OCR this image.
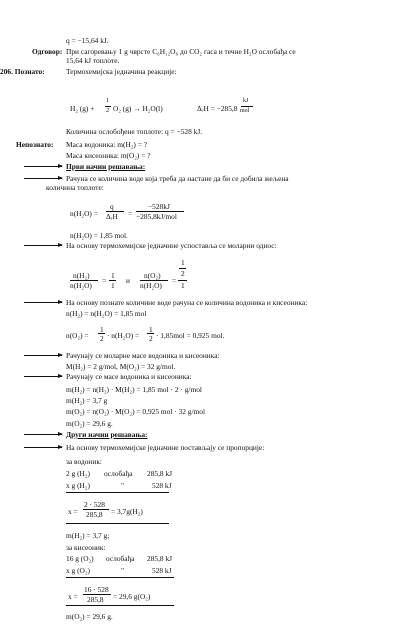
q = −15,64 kJ.
Одговор: При сагоревању 1 g чврсте C₆H₁₂O₆ до CO₂ гаса и течне H₂O ослобађа се
15,64 kJ топлоте.
206. Познато:	Термохемијска једначина реакције:
H₂ (g) +
1
2 O₂ (g) → H₂O(l)	ΔᵣH = −285,8
kJ
mol
Количина ослобођене топлоте: q = −528 kJ.
Непознато: Маса водоника: m(H₂) = ?
Маса кисеоника: m(O₂) = ?
Први начин решавања:
Рачуна се количина воде која треба да настане да би се добила жељена
количина топлоте:
n(H₂O) =
q
ΔᵣH =
−528kJ
−285,8kJ/mol
n(H₂O) = 1,85 mol.
На основу термохемијске једначине успоставља се моларни однос:
n(H₂)
n(H₂O)
=
1
1
и
n(O₂)
n(H₂O)
=
1
2
1
На основу познате количине воде рачуна се количина водоника и кисеоника:
n(H₂) = n(H₂O) = 1,85 mol
n(O₂) =
1
2 · n(H₂O) =
1
2 · 1,85mol = 0,925 mol.
Рачунају се моларне масе водоника и кисеоника:
M(H₂) = 2 g/mol, M(O₂) = 32 g/mol.
Рачунају се масе водоника и кисеоника:
m(H₂) = n(H₂) · M(H₂) = 1,85 mol · 2 · g/mol
m(H₂) = 3,7 g
m(O₂) = n(O₂) · M(O₂) = 0,925 mol · 32 g/mol
m(O₂) = 29,6 g.
Други начин решавања:
На основу термохемијске једначине постављају се пропорције:
за водоник:
2 g (H₂) ослобађа 285,8 kJ
x g (H₂)	"	528 kJ
x =
2 · 528
285,8 = 3,7g(H₂)
m(H₂) = 3,7 g;
за кисеоник:
16 g (O₂) ослобађа 285,8 kJ
x g (O₂)	"	528 kJ
x =
16 · 528
285,8 = 29,6 g(O₂)
m(O₂) = 29,6 g.
